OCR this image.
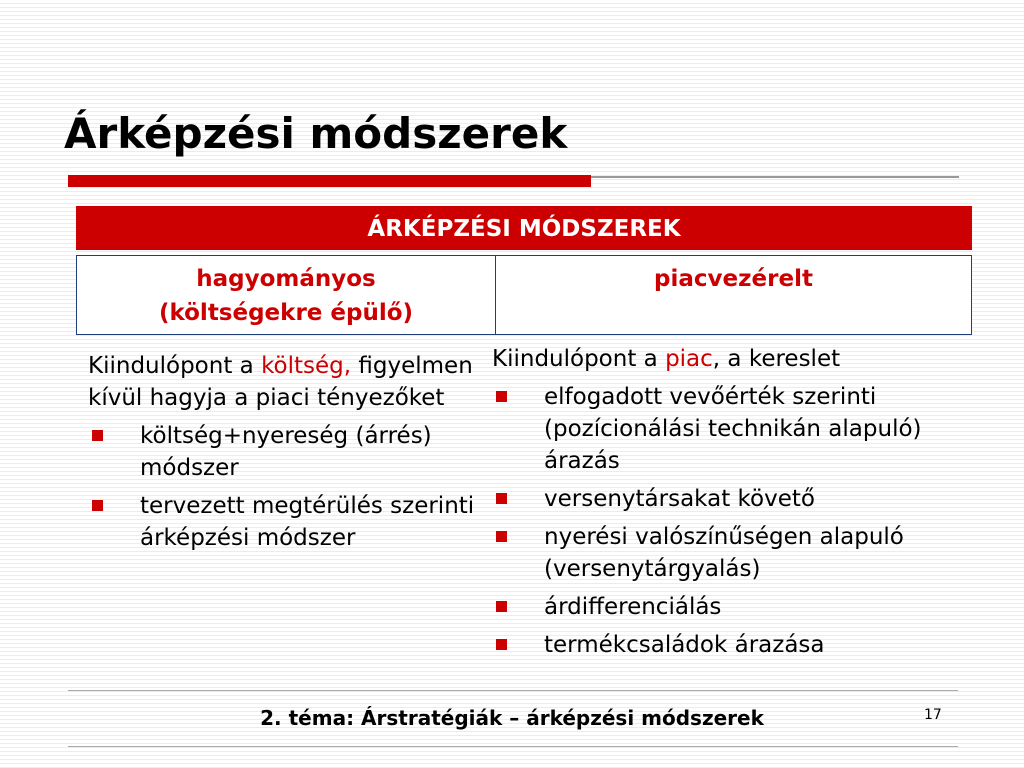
Árképzési módszerek
ÁRKÉPZÉSI MÓDSZEREK
hagyományos
(költségekre épülő)
piacvezérelt

Kiindulópont a költség, figyelmen kívül hagyja a piaci tényezőket

költség+nyereség (árrés) módszer
tervezett megtérülés szerinti árképzési módszer

Kiindulópont a piac, a kereslet

elfogadott vevőérték szerinti (pozícionálási technikán alapuló) árazás
versenytársakat követő
nyerési valószínűségen alapuló (versenytárgyalás)
árdifferenciálás
termékcsaládok árazása
2. téma: Árstratégiák – árképzési módszerek	17
